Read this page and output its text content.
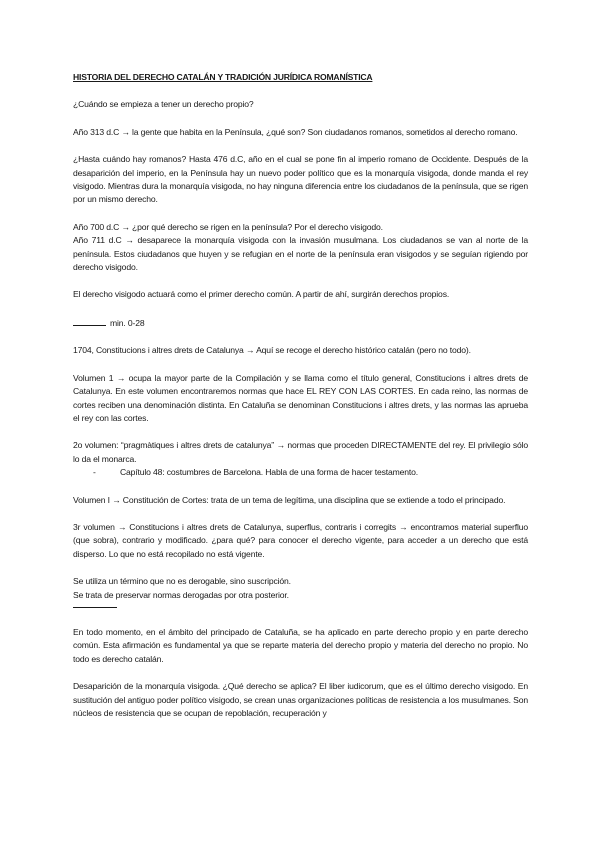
HISTORIA DEL DERECHO CATALÁN Y TRADICIÓN JURÍDICA ROMANÍSTICA

¿Cuándo se empieza a tener un derecho propio?

Año 313 d.C → la gente que habita en la Península, ¿qué son? Son ciudadanos romanos, sometidos al derecho romano.

¿Hasta cuándo hay romanos? Hasta 476 d.C, año en el cual se pone fin al imperio romano de Occidente. Después de la desaparición del imperio, en la Península hay un nuevo poder político que es la monarquía visigoda, donde manda el rey visigodo. Mientras dura la monarquía visigoda, no hay ninguna diferencia entre los ciudadanos de la península, que se rigen por un mismo derecho.

Año 700 d.C → ¿por qué derecho se rigen en la península? Por el derecho visigodo.

Año 711 d.C → desaparece la monarquía visigoda con la invasión musulmana. Los ciudadanos se van al norte de la península. Estos ciudadanos que huyen y se refugian en el norte de la península eran visigodos y se seguían rigiendo por derecho visigodo.

El derecho visigodo actuará como el primer derecho común. A partir de ahí, surgirán derechos propios.

min. 0-28

1704, Constitucions i altres drets de Catalunya → Aquí se recoge el derecho histórico catalán (pero no todo).

Volumen 1 → ocupa la mayor parte de la Compilación y se llama como el título general, Constitucions i altres drets de Catalunya. En este volumen encontraremos normas que hace EL REY CON LAS CORTES. En cada reino, las normas de cortes reciben una denominación distinta. En Cataluña se denominan Constitucions i altres drets, y las normas las aprueba el rey con las cortes.

2o volumen: “pragmàtiques i altres drets de catalunya” → normas que proceden DIRECTAMENTE del rey. El privilegio sólo lo da el monarca.

-	Capítulo 48: costumbres de Barcelona. Habla de una forma de hacer testamento.

Volumen I → Constitución de Cortes: trata de un tema de legítima, una disciplina que se extiende a todo el principado.

3r volumen → Constitucions i altres drets de Catalunya, superflus, contraris i corregits → encontramos material superfluo (que sobra), contrario y modificado. ¿para qué? para conocer el derecho vigente, para acceder a un derecho que está disperso. Lo que no está recopilado no está vigente.

Se utiliza un término que no es derogable, sino suscripción.

Se trata de preservar normas derogadas por otra posterior.

En todo momento, en el ámbito del principado de Cataluña, se ha aplicado en parte derecho propio y en parte derecho común. Esta afirmación es fundamental ya que se reparte materia del derecho propio y materia del derecho no propio. No todo es derecho catalán.

Desaparición de la monarquía visigoda. ¿Qué derecho se aplica? El liber iudicorum, que es el último derecho visigodo. En sustitución del antiguo poder político visigodo, se crean unas organizaciones políticas de resistencia a los musulmanes. Son núcleos de resistencia que se ocupan de repoblación, recuperación y
